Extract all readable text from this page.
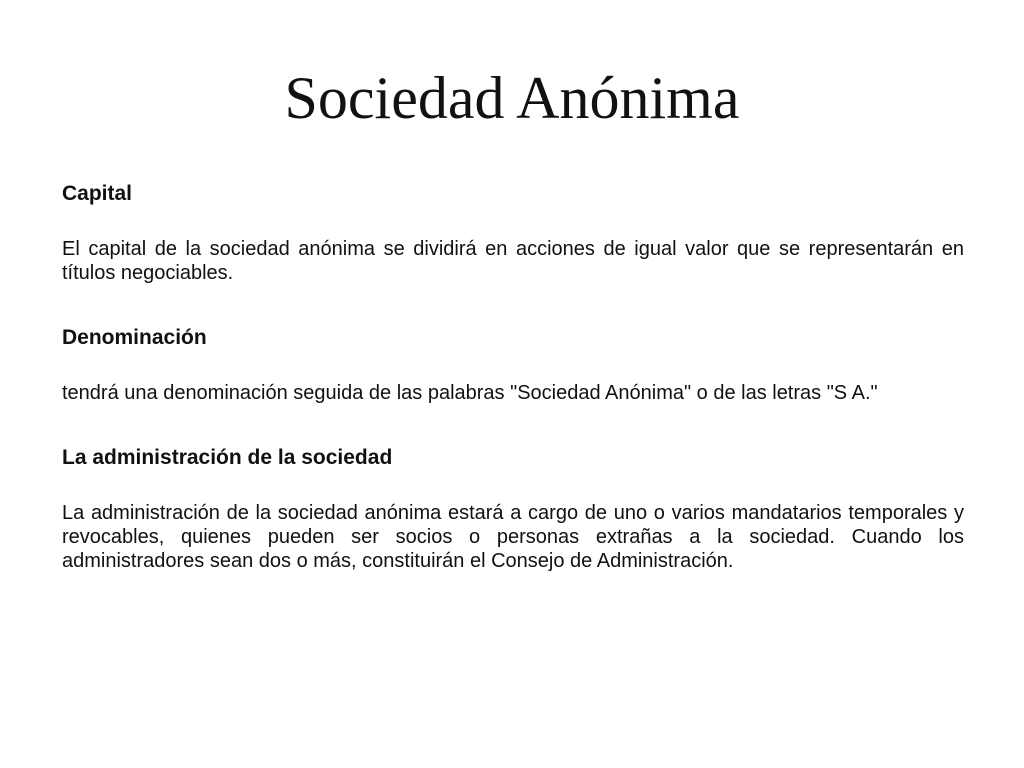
Sociedad Anónima
Capital

El capital de la sociedad anónima se dividirá en acciones de igual valor que se representarán en títulos negociables.

Denominación

tendrá una denominación seguida de las palabras "Sociedad Anónima" o de las letras "S A."

La administración de la sociedad

La administración de la sociedad anónima estará a cargo de uno o varios mandatarios temporales y revocables, quienes pueden ser socios o personas extrañas a la sociedad. Cuando los administradores sean dos o más, constituirán el Consejo de Administración.
